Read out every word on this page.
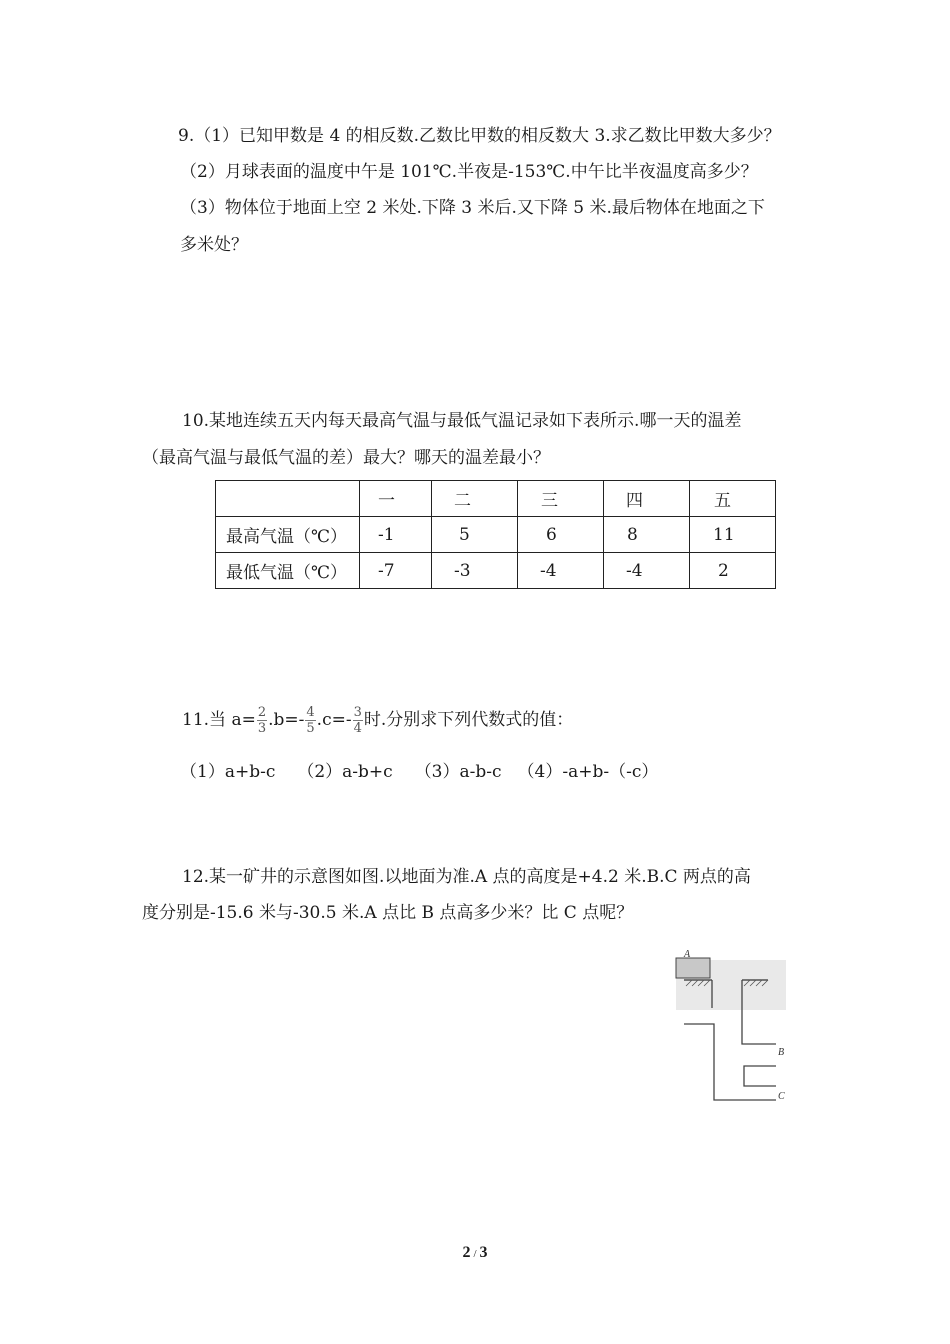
9.（1）已知甲数是 4 的相反数.乙数比甲数的相反数大 3.求乙数比甲数大多少？
（2）月球表面的温度中午是 101℃.半夜是-153℃.中午比半夜温度高多少？
（3）物体位于地面上空 2 米处.下降 3 米后.又下降 5 米.最后物体在地面之下
多米处？
10.某地连续五天内每天最高气温与最低气温记录如下表所示.哪一天的温差
（最高气温与最低气温的差）最大？哪天的温差最小？
	一	二	三	四	五
最高气温（℃）	-1	5	6	8	11
最低气温（℃）	-7	-3	-4	-4	2
11.当 $a= \frac{2}{3} .b=- \frac{4}{5} .c=- \frac{3}{4}$ 时.分别求下列代数式的值：
（1）a+b-c （2）a-b+c （3）a-b-c （4）-a+b-（-c）
12.某一矿井的示意图如图.以地面为准.A 点的高度是+4.2 米.B.C 两点的高
度分别是-15.6 米与-30.5 米.A 点比 B 点高多少米？比 C 点呢？
A
B
C
2 / 3
